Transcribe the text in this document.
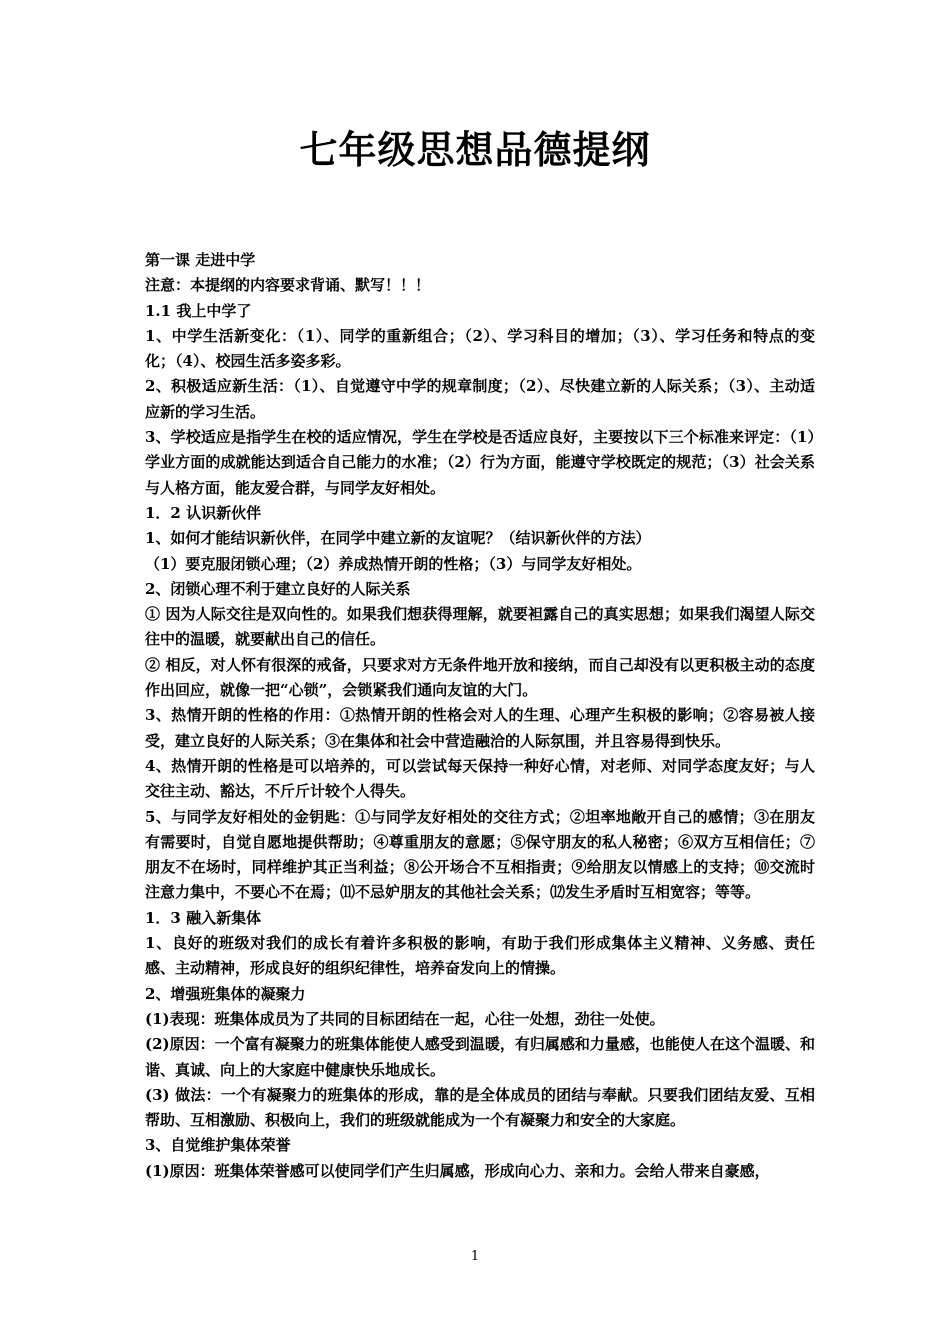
七年级思想品德提纲

第一课 走进中学

注意：本提纲的内容要求背诵、默写！！！

1.1 我上中学了

1、中学生活新变化：（1）、同学的重新组合；（2）、学习科目的增加；（3）、学习任务和特点的变化；（4）、校园生活多姿多彩。

2、积极适应新生活：（1）、自觉遵守中学的规章制度；（2）、尽快建立新的人际关系；（3）、主动适应新的学习生活。

3、学校适应是指学生在校的适应情况，学生在学校是否适应良好，主要按以下三个标准来评定：（1）学业方面的成就能达到适合自己能力的水准；（2）行为方面，能遵守学校既定的规范；（3）社会关系与人格方面，能友爱合群，与同学友好相处。

1．2 认识新伙伴

1、如何才能结识新伙伴，在同学中建立新的友谊呢？（结识新伙伴的方法）

（1）要克服闭锁心理；（2）养成热情开朗的性格；（3）与同学友好相处。

2、闭锁心理不利于建立良好的人际关系

① 因为人际交往是双向性的。如果我们想获得理解，就要袒露自己的真实思想；如果我们渴望人际交往中的温暖，就要献出自己的信任。

② 相反，对人怀有很深的戒备，只要求对方无条件地开放和接纳，而自己却没有以更积极主动的态度作出回应，就像一把“心锁”，会锁紧我们通向友谊的大门。

3、热情开朗的性格的作用：①热情开朗的性格会对人的生理、心理产生积极的影响；②容易被人接受，建立良好的人际关系；③在集体和社会中营造融洽的人际氛围，并且容易得到快乐。

4、热情开朗的性格是可以培养的，可以尝试每天保持一种好心情，对老师、对同学态度友好；与人交往主动、豁达，不斤斤计较个人得失。

5、与同学友好相处的金钥匙：①与同学友好相处的交往方式；②坦率地敞开自己的感情；③在朋友有需要时，自觉自愿地提供帮助；④尊重朋友的意愿；⑤保守朋友的私人秘密；⑥双方互相信任；⑦朋友不在场时，同样维护其正当利益；⑧公开场合不互相指责；⑨给朋友以情感上的支持；⑩交流时注意力集中，不要心不在焉；⑾不忌妒朋友的其他社会关系；⑿发生矛盾时互相宽容；等等。

1．3 融入新集体

1、良好的班级对我们的成长有着许多积极的影响，有助于我们形成集体主义精神、义务感、责任感、主动精神，形成良好的组织纪律性，培养奋发向上的情操。

2、增强班集体的凝聚力

(1)表现：班集体成员为了共同的目标团结在一起，心往一处想，劲往一处使。

(2)原因：一个富有凝聚力的班集体能使人感受到温暖，有归属感和力量感，也能使人在这个温暖、和谐、真诚、向上的大家庭中健康快乐地成长。

(3) 做法：一个有凝聚力的班集体的形成，靠的是全体成员的团结与奉献。只要我们团结友爱、互相帮助、互相激励、积极向上，我们的班级就能成为一个有凝聚力和安全的大家庭。

3、自觉维护集体荣誉

(1)原因：班集体荣誉感可以使同学们产生归属感，形成向心力、亲和力。会给人带来自豪感，

1
